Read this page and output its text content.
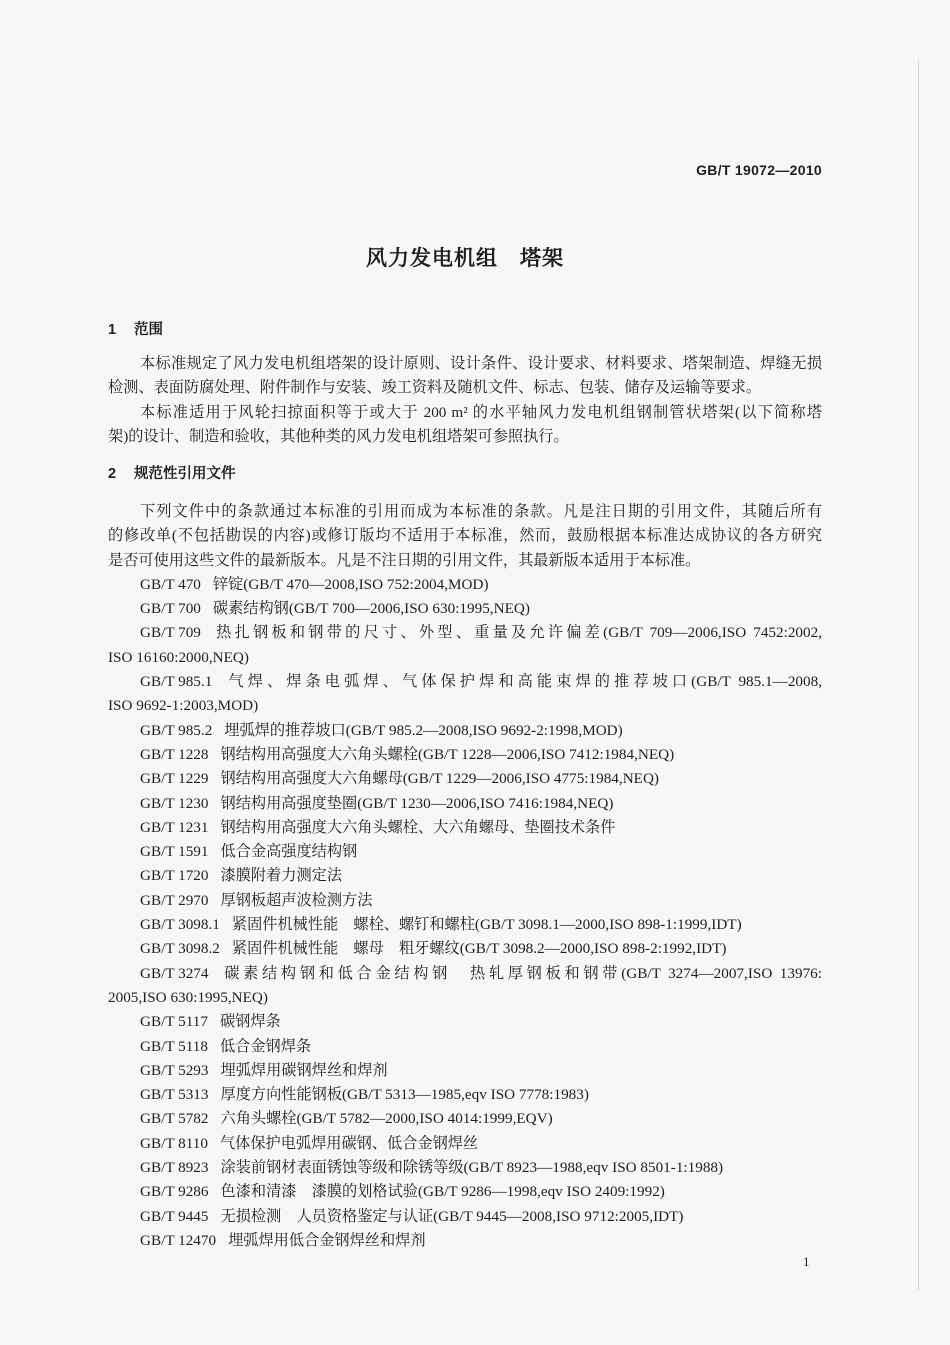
GB/T 19072—2010
风力发电机组　塔架
1 范围
本标准规定了风力发电机组塔架的设计原则、设计条件、设计要求、材料要求、塔架制造、焊缝无损
检测、表面防腐处理、附件制作与安装、竣工资料及随机文件、标志、包装、储存及运输等要求。
本标准适用于风轮扫掠面积等于或大于 200 m² 的水平轴风力发电机组钢制管状塔架(以下简称塔
架)的设计、制造和验收，其他种类的风力发电机组塔架可参照执行。
2 规范性引用文件
下列文件中的条款通过本标准的引用而成为本标准的条款。凡是注日期的引用文件，其随后所有
的修改单(不包括勘误的内容)或修订版均不适用于本标准，然而，鼓励根据本标准达成协议的各方研究
是否可使用这些文件的最新版本。凡是不注日期的引用文件，其最新版本适用于本标准。
GB/T 470 锌锭(GB/T 470—2008,ISO 752:2004,MOD)
GB/T 700 碳素结构钢(GB/T 700—2006,ISO 630:1995,NEQ)
GB/T 709 热扎钢板和钢带的尺寸、外型、重量及允许偏差(GB/T 709—2006,ISO 7452:2002,
ISO 16160:2000,NEQ)
GB/T 985.1 气焊、焊条电弧焊、气体保护焊和高能束焊的推荐坡口(GB/T 985.1—2008,
ISO 9692-1:2003,MOD)
GB/T 985.2 埋弧焊的推荐坡口(GB/T 985.2—2008,ISO 9692-2:1998,MOD)
GB/T 1228 钢结构用高强度大六角头螺栓(GB/T 1228—2006,ISO 7412:1984,NEQ)
GB/T 1229 钢结构用高强度大六角螺母(GB/T 1229—2006,ISO 4775:1984,NEQ)
GB/T 1230 钢结构用高强度垫圈(GB/T 1230—2006,ISO 7416:1984,NEQ)
GB/T 1231 钢结构用高强度大六角头螺栓、大六角螺母、垫圈技术条件
GB/T 1591 低合金高强度结构钢
GB/T 1720 漆膜附着力测定法
GB/T 2970 厚钢板超声波检测方法
GB/T 3098.1 紧固件机械性能　螺栓、螺钉和螺柱(GB/T 3098.1—2000,ISO 898-1:1999,IDT)
GB/T 3098.2 紧固件机械性能　螺母　粗牙螺纹(GB/T 3098.2—2000,ISO 898-2:1992,IDT)
GB/T 3274 碳素结构钢和低合金结构钢　热轧厚钢板和钢带(GB/T 3274—2007,ISO 13976:
2005,ISO 630:1995,NEQ)
GB/T 5117 碳钢焊条
GB/T 5118 低合金钢焊条
GB/T 5293 埋弧焊用碳钢焊丝和焊剂
GB/T 5313 厚度方向性能钢板(GB/T 5313—1985,eqv ISO 7778:1983)
GB/T 5782 六角头螺栓(GB/T 5782—2000,ISO 4014:1999,EQV)
GB/T 8110 气体保护电弧焊用碳钢、低合金钢焊丝
GB/T 8923 涂装前钢材表面锈蚀等级和除锈等级(GB/T 8923—1988,eqv ISO 8501-1:1988)
GB/T 9286 色漆和清漆　漆膜的划格试验(GB/T 9286—1998,eqv ISO 2409:1992)
GB/T 9445 无损检测　人员资格鉴定与认证(GB/T 9445—2008,ISO 9712:2005,IDT)
GB/T 12470 埋弧焊用低合金钢焊丝和焊剂
1
